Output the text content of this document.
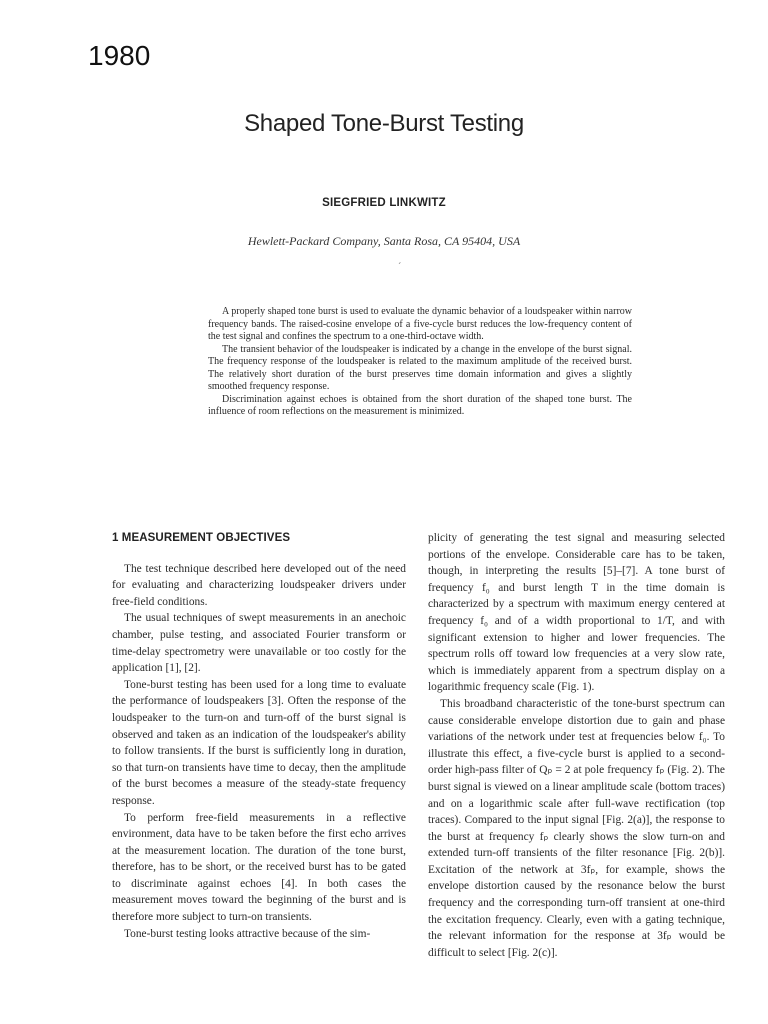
1980
Shaped Tone-Burst Testing
SIEGFRIED LINKWITZ
Hewlett-Packard Company, Santa Rosa, CA 95404, USA
´

A properly shaped tone burst is used to evaluate the dynamic behavior of a loudspeaker within narrow frequency bands. The raised-cosine envelope of a five-cycle burst reduces the low-frequency content of the test signal and confines the spectrum to a one-third-octave width.

The transient behavior of the loudspeaker is indicated by a change in the envelope of the burst signal. The frequency response of the loudspeaker is related to the maximum amplitude of the received burst. The relatively short duration of the burst preserves time domain information and gives a slightly smoothed frequency response.

Discrimination against echoes is obtained from the short duration of the shaped tone burst. The influence of room reflections on the measurement is minimized.

1 MEASUREMENT OBJECTIVES

The test technique described here developed out of the need for evaluating and characterizing loudspeaker drivers under free-field conditions.

The usual techniques of swept measurements in an anechoic chamber, pulse testing, and associated Fourier transform or time-delay spectrometry were unavailable or too costly for the application [1], [2].

Tone-burst testing has been used for a long time to evaluate the performance of loudspeakers [3]. Often the response of the loudspeaker to the turn-on and turn-off of the burst signal is observed and taken as an indication of the loudspeaker's ability to follow transients. If the burst is sufficiently long in duration, so that turn-on transients have time to decay, then the amplitude of the burst becomes a measure of the steady-state frequency response.

To perform free-field measurements in a reflective environment, data have to be taken before the first echo arrives at the measurement location. The duration of the tone burst, therefore, has to be short, or the received burst has to be gated to discriminate against echoes [4]. In both cases the measurement moves toward the beginning of the burst and is therefore more subject to turn-on transients.

Tone-burst testing looks attractive because of the sim-

plicity of generating the test signal and measuring selected portions of the envelope. Considerable care has to be taken, though, in interpreting the results [5]–[7]. A tone burst of frequency f₀ and burst length T in the time domain is characterized by a spectrum with maximum energy centered at frequency f₀ and of a width proportional to 1/T, and with significant extension to higher and lower frequencies. The spectrum rolls off toward low frequencies at a very slow rate, which is immediately apparent from a spectrum display on a logarithmic frequency scale (Fig. 1).

This broadband characteristic of the tone-burst spectrum can cause considerable envelope distortion due to gain and phase variations of the network under test at frequencies below f₀. To illustrate this effect, a five-cycle burst is applied to a second-order high-pass filter of Qₚ = 2 at pole frequency fₚ (Fig. 2). The burst signal is viewed on a linear amplitude scale (bottom traces) and on a logarithmic scale after full-wave rectification (top traces). Compared to the input signal [Fig. 2(a)], the response to the burst at frequency fₚ clearly shows the slow turn-on and extended turn-off transients of the filter resonance [Fig. 2(b)]. Excitation of the network at 3fₚ, for example, shows the envelope distortion caused by the resonance below the burst frequency and the corresponding turn-off transient at one-third the excitation frequency. Clearly, even with a gating technique, the relevant information for the response at 3fₚ would be difficult to select [Fig. 2(c)].
